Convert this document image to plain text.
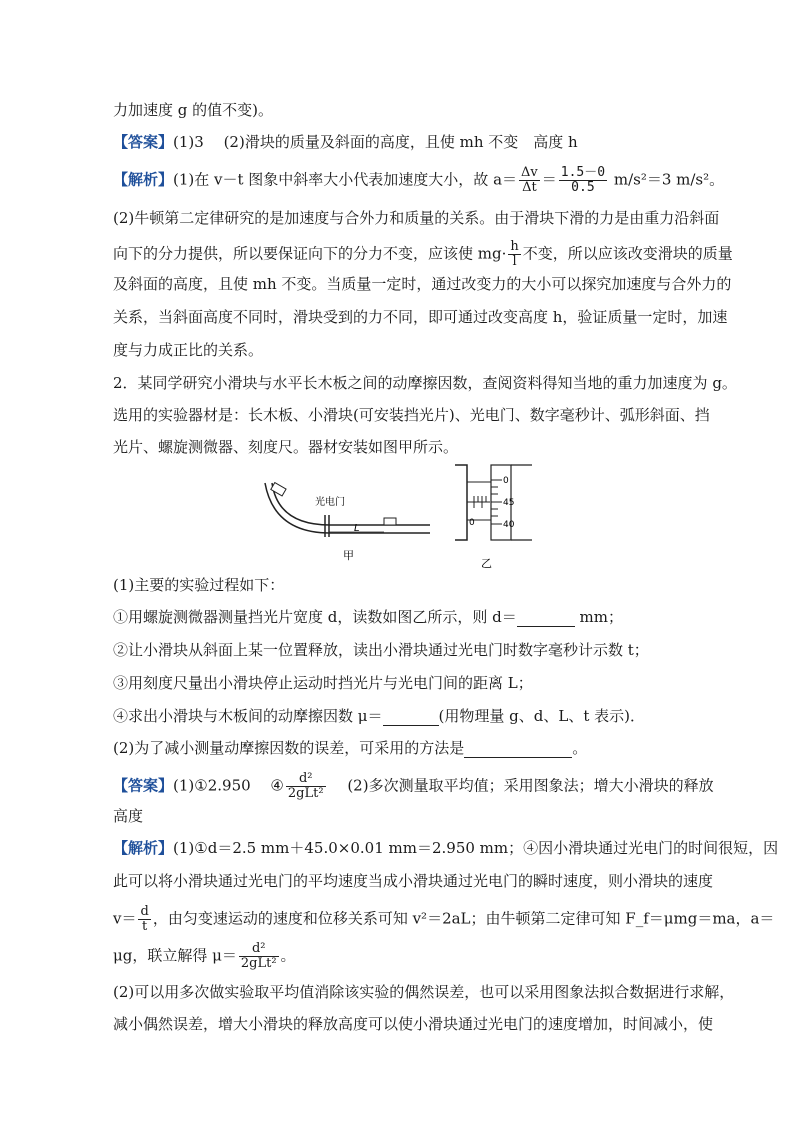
力加速度 g 的值不变)。
【答案】(1)3　 (2)滑块的质量及斜面的高度，且使 mh 不变　高度 h
【解析】(1)在 v－t 图象中斜率大小代表加速度大小，故 $a= \frac{\Delta v}{\Delta t} = \frac{1.5-0}{0.5} m/s^2=3$ m/s²。
(2)牛顿第二定律研究的是加速度与合外力和质量的关系。由于滑块下滑的力是由重力沿斜面
向下的分力提供，所以要保证向下的分力不变，应该使 $mg\cdot \frac{h}{l}$ 不变，所以应该改变滑块的质量
及斜面的高度，且使 mh 不变。当质量一定时，通过改变力的大小可以探究加速度与合外力的
关系，当斜面高度不同时，滑块受到的力不同，即可通过改变高度 h，验证质量一定时，加速
度与力成正比的关系。
2．某同学研究小滑块与水平长木板之间的动摩擦因数，查阅资料得知当地的重力加速度为 g。
选用的实验器材是：长木板、小滑块(可安装挡光片)、光电门、数字毫秒计、弧形斜面、挡
光片、螺旋测微器、刻度尺。器材安装如图甲所示。
光电门
L
甲
0
45
40
0
乙
(1)主要的实验过程如下：
①用螺旋测微器测量挡光片宽度 d，读数如图乙所示，则 d＝	mm；
②让小滑块从斜面上某一位置释放，读出小滑块通过光电门时数字毫秒计示数 t；
③用刻度尺量出小滑块停止运动时挡光片与光电门间的距离 L；
④求出小滑块与木板间的动摩擦因数 μ＝	(用物理量 g、d、L、t 表示)．
(2)为了减小测量动摩擦因数的误差，可采用的方法是	。
【答案】(1)①2.950　 ④ $\frac{\text{d²}}{\text{2gLt²}}$ 　 (2)多次测量取平均值；采用图象法；增大小滑块的释放
高度
【解析】(1)①d＝2.5 mm＋45.0×0.01 mm＝2.950 mm；④因小滑块通过光电门的时间很短，因
此可以将小滑块通过光电门的平均速度当成小滑块通过光电门的瞬时速度，则小滑块的速度
$v= \frac{d}{t}$ ，由匀变速运动的速度和位移关系可知 v²＝2aL；由牛顿第二定律可知 F_f＝μmg＝ma，a＝
μg，联立解得 $\mu= \frac{\text{d²}}{\text{2gLt²}}$ 。
(2)可以用多次做实验取平均值消除该实验的偶然误差，也可以采用图象法拟合数据进行求解，
减小偶然误差，增大小滑块的释放高度可以使小滑块通过光电门的速度增加，时间减小，使
